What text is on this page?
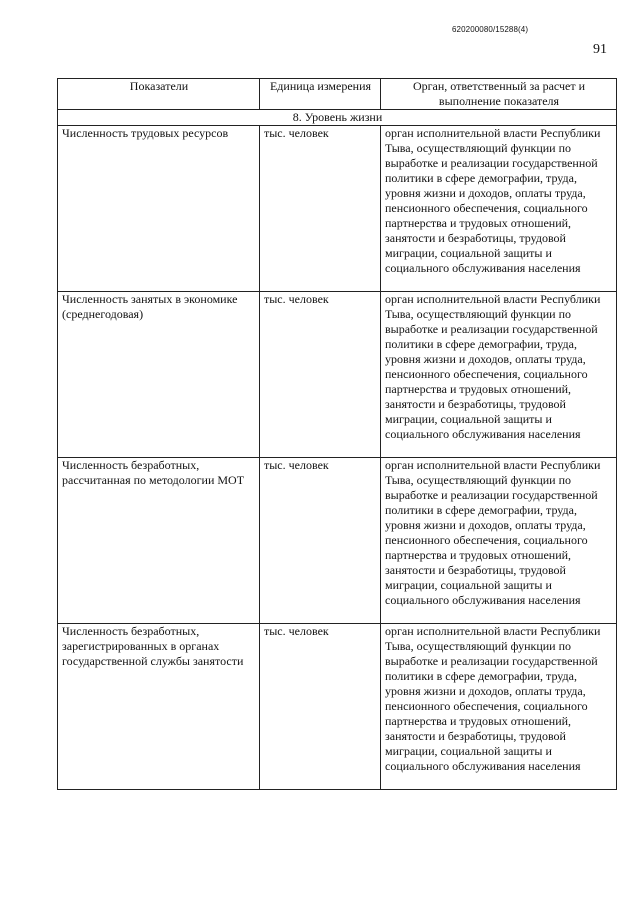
620200080/15288(4)
91
Показатели	Единица измерения	Орган, ответственный за расчет и выполнение показателя
8. Уровень жизни		
Численность трудовых ресурсов	тыс. человек	орган исполнительной власти Республики Тыва, осуществляющий функции по выработке и реализации государственной политики в сфере демографии, труда, уровня жизни и доходов, оплаты труда, пенсионного обеспечения, социального партнерства и трудовых отношений, занятости и безработицы, трудовой миграции, социальной защиты и социального обслуживания населения
Численность занятых в экономике (среднегодовая)	тыс. человек	орган исполнительной власти Республики Тыва, осуществляющий функции по выработке и реализации государственной политики в сфере демографии, труда, уровня жизни и доходов, оплаты труда, пенсионного обеспечения, социального партнерства и трудовых отношений, занятости и безработицы, трудовой миграции, социальной защиты и социального обслуживания населения
Численность безработных, рассчитанная по методологии МОТ	тыс. человек	орган исполнительной власти Республики Тыва, осуществляющий функции по выработке и реализации государственной политики в сфере демографии, труда, уровня жизни и доходов, оплаты труда, пенсионного обеспечения, социального партнерства и трудовых отношений, занятости и безработицы, трудовой миграции, социальной защиты и социального обслуживания населения
Численность безработных, зарегистрированных в органах государственной службы занятости	тыс. человек	орган исполнительной власти Республики Тыва, осуществляющий функции по выработке и реализации государственной политики в сфере демографии, труда, уровня жизни и доходов, оплаты труда, пенсионного обеспечения, социального партнерства и трудовых отношений, занятости и безработицы, трудовой миграции, социальной защиты и социального обслуживания населения
